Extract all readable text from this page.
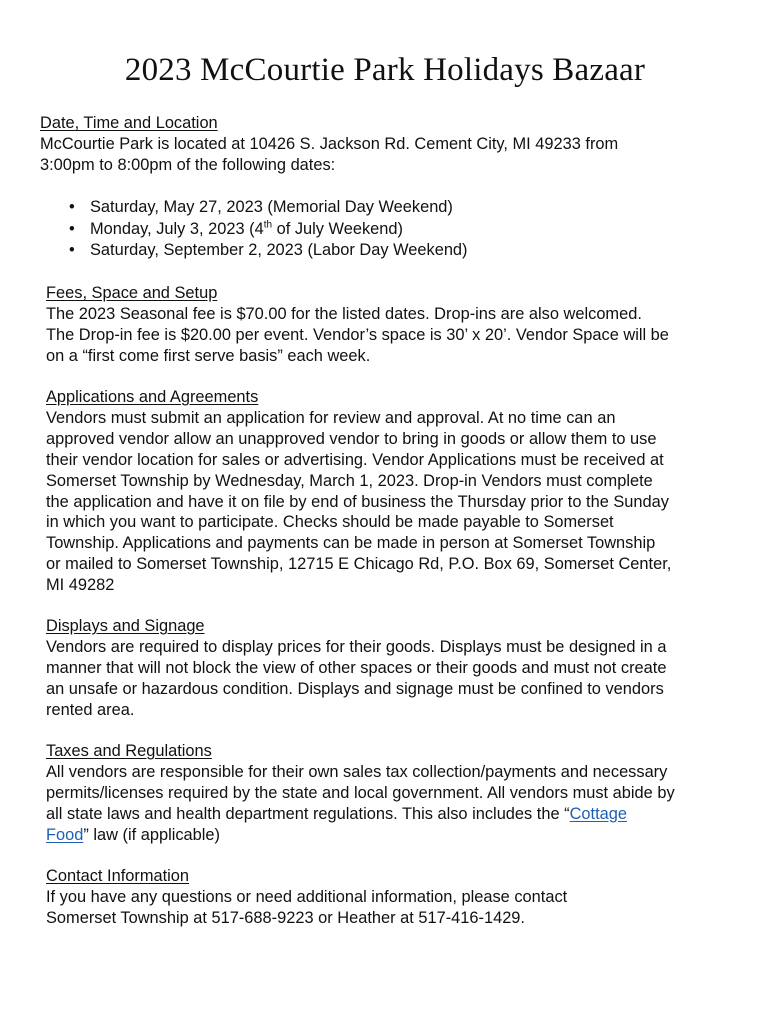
2023 McCourtie Park Holidays Bazaar
Date, Time and Location
McCourtie Park is located at 10426 S. Jackson Rd. Cement City, MI 49233 from
3:00pm to 8:00pm of the following dates:
• Saturday, May 27, 2023 (Memorial Day Weekend)
• Monday, July 3, 2023 (4th of July Weekend)
• Saturday, September 2, 2023 (Labor Day Weekend)
Fees, Space and Setup
The 2023 Seasonal fee is $70.00 for the listed dates. Drop-ins are also welcomed.
The Drop-in fee is $20.00 per event. Vendor’s space is 30’ x 20’. Vendor Space will be
on a “first come first serve basis” each week.
Applications and Agreements
Vendors must submit an application for review and approval. At no time can an
approved vendor allow an unapproved vendor to bring in goods or allow them to use
their vendor location for sales or advertising. Vendor Applications must be received at
Somerset Township by Wednesday, March 1, 2023. Drop-in Vendors must complete
the application and have it on file by end of business the Thursday prior to the Sunday
in which you want to participate. Checks should be made payable to Somerset
Township. Applications and payments can be made in person at Somerset Township
or mailed to Somerset Township, 12715 E Chicago Rd, P.O. Box 69, Somerset Center,
MI 49282
Displays and Signage
Vendors are required to display prices for their goods. Displays must be designed in a
manner that will not block the view of other spaces or their goods and must not create
an unsafe or hazardous condition. Displays and signage must be confined to vendors
rented area.
Taxes and Regulations
All vendors are responsible for their own sales tax collection/payments and necessary
permits/licenses required by the state and local government. All vendors must abide by
all state laws and health department regulations. This also includes the “Cottage
Food” law (if applicable)
Contact Information
If you have any questions or need additional information, please contact
Somerset Township at 517-688-9223 or Heather at 517-416-1429.
